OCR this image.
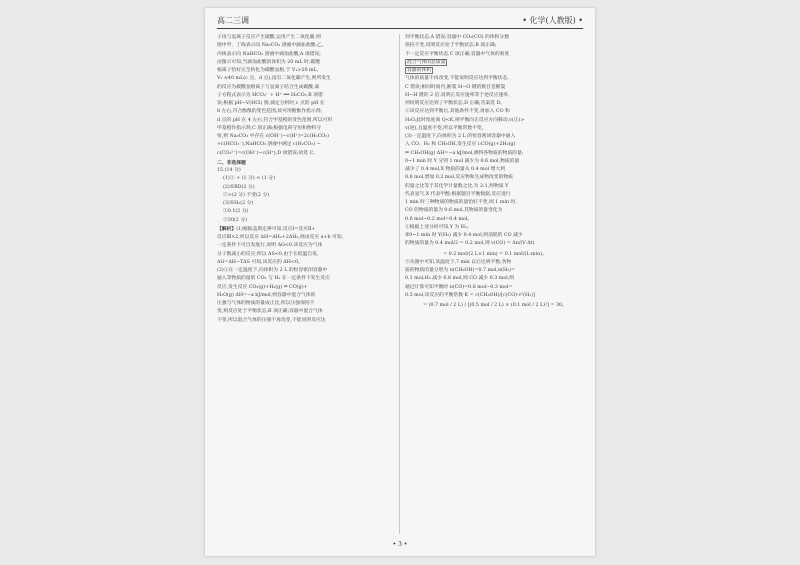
高二三调	• 化学(人教版) •

子再与氢离子反应产生碳酸,运用产生二氧化碳,则

图中甲、丁线表示向 Na₂CO₃ 溶液中滴加盐酸;乙、

丙线表示向 NaHCO₃ 溶液中滴加盐酸,A 项错误;

由图示可知,当滴加盐酸的体积为 20 mL 时,碳酸

根离子恰好完全转化为碳酸氢根,于 V₁>20 mL,

V₂ ≈40 mL(c 点、d 点),没有二氧化碳产生,则所发生

的反应为碳酸氢根离子与氢离子结合生成碳酸,离

子方程式表示为 HCO₃⁻ + H⁺ ══ H₂CO₃,B 项错

误;根据 pH−V(HCl) 图,滴定分析时,c 点的 pH 在

8 左右,符合酚酞的变色范围,故可用酚酞作指示剂;

d 点的 pH 在 4 左右,符合甲基橙的变色范围,所以可用

甲基橙作指示剂,C 项正确;根据电荷守恒和物料守

恒,则 Na₂CO₃ 中存在 c(OH⁻)−c(H⁺)=2c(H₂CO₃)

+c(HCO₃⁻),NaHCO₃ 溶液中满足 c(H₂CO₃) −

c(CO₃²⁻)=c(OH⁻)−c(H⁺),D 项错误;故选 C。

二、非选择题

15.(14 分)

(1)① + (1 分) < (1 分)

(2)①BD(2 分)

②>(2 分) 不变(2 分)

(3)①H₂(2 分)

②0.1(2 分)

③30(2 分)

【解析】(1)根据盖斯定律可知,反应Ⅰ=反应Ⅱ+

反应Ⅲ×2,所以反应 ΔH=ΔH₂+2ΔH₃,则由反应 a+b 可知,

一定条件下可自发进行,说明 ΔG<0,该反应为气体

分子数减小的反应,所以 ΔS<0,由于在低温自发,

ΔG=ΔH−TΔS 可知,该反应的 ΔH<0。

(2)①在一定温度下,向体积为 2 L 的恒容密闭容器中

通入等物质的量的 CO₂ 与 H₂ 在一定条件下发生反应

反应,发生反应 CO₂(g)+H₂(g) ⇌ CO(g)+

H₂O(g) ΔH=−x kJ/mol,则容器中混合气体的

压强与气体的物质的量成正比,所以压强保持不

变,则反应处于平衡状态,B 项正确;容器中混合气体

不变,所以混合气体的压强不再改变,不能说明反应达

到平衡状态,A 错误;容器中 CO₂(CO) 的体积分数

保持不变,说明反应处于平衡状态,B 项正确;

不一定反应平衡状态,C 项正确;容器中气体的密度

混合气体的总质量

容器的体积

气体的质量不再改变,不能说明反应达到平衡状态,

C 错误;相同时间内,断裂 H−O 键的数目是断裂

H−H 键的 2 倍,说明正反应速率等于逆反应速率,

则说明反应达到了平衡状态,D 正确;答案选 D。

②该反应达到平衡后,其他条件不变,再加入 CO 和

H₂O,此时浓度商 Q<K,则平衡向正反应方向移动,v(正)>

v(逆),且温度不变,所以平衡常数不变。

(3)一定温度下,向体积为 2 L 的恒容密闭容器中通入

入 CO、H₂ 和 CH₃OH,发生反应 ⅰ:CO(g)+2H₂(g)

⇌ CH₃OH(g) ΔH=−a kJ/mol,测得各物质的物质的量:

0~1 min 时 Y 分别 1 mol 减少为 0.6 mol,物质的量

减少了 0.4 mol,X 物质的量从 0.4 mol 增大到

0.6 mol,增加 0.2 mol,反应物和生成物改变的物质

的量之比等于其化学计量数之比,为 2:1,则物质 Y

代表氢气,X 代表甲醇;根据题目平衡数据,反应进行

1 min 时三种物质的物质的量恰好不变,则 1 min 时,

CO 的物质的量为 0.6 mol,其物质的量变化为

0.6 mol−0.2 mol=0.4 mol。

①根据上述分析可知,Y 为 H₂。

②0~1 min 时 Y(H₂) 减少 0.4 mol,则消耗的 CO 减少

的物质的量为 0.4 mol/2 = 0.2 mol,则 v(CO) = Δn/(V·Δt)

= 0.2 mol/(2 L×1 min) = 0.1 mol/(L·min)。

③从图中可知,该温度下,7 min 以后达到平衡,各物

质的物质的量分别为 n(CH₃OH)=0.7 mol,n(H₂)=

0.1 mol,H₂ 减少 0.6 mol,则 CO 减少 0.3 mol,则

通过计算可知平衡时 n(CO)=0.8 mol−0.3 mol=

0.5 mol,该反应的平衡常数 K = c(CH₃OH)/[c(CO)·c²(H₂)]

= (0.7 mol / 2 L) / [(0.5 mol / 2 L) × (0.1 mol / 2 L)²] = 30。

• 3 •
